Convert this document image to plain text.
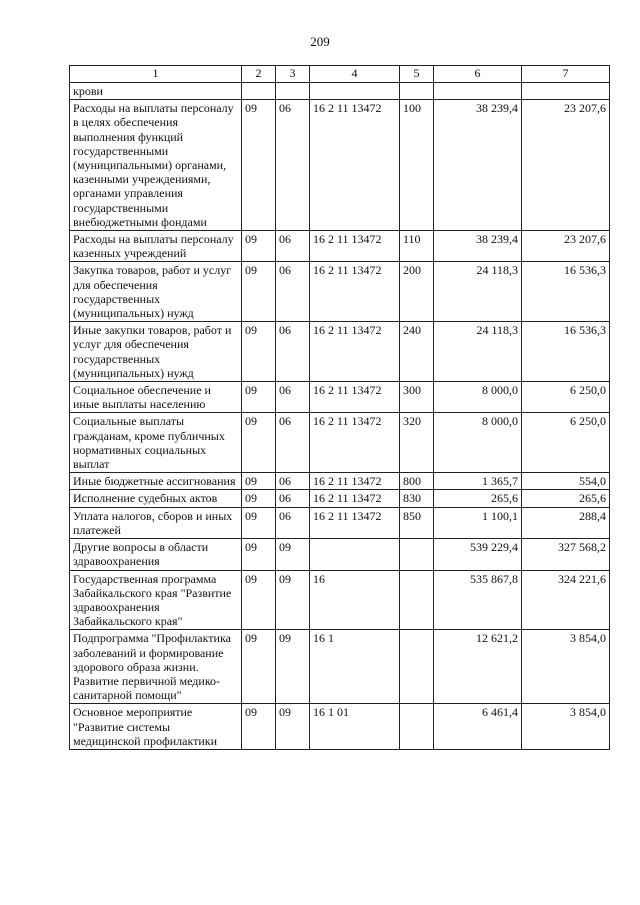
209
1	2	3	4	5	6	7
крови						
Расходы на выплаты персоналу в целях обеспечения выполнения функций государственными (муниципальными) органами, казенными учреждениями, органами управления государственными внебюджетными фондами	09	06	16 2 11 13472	100	38 239,4	23 207,6
Расходы на выплаты персоналу казенных учреждений	09	06	16 2 11 13472	110	38 239,4	23 207,6
Закупка товаров, работ и услуг для обеспечения государственных (муниципальных) нужд	09	06	16 2 11 13472	200	24 118,3	16 536,3
Иные закупки товаров, работ и услуг для обеспечения государственных (муниципальных) нужд	09	06	16 2 11 13472	240	24 118,3	16 536,3
Социальное обеспечение и иные выплаты населению	09	06	16 2 11 13472	300	8 000,0	6 250,0
Социальные выплаты гражданам, кроме публичных нормативных социальных выплат	09	06	16 2 11 13472	320	8 000,0	6 250,0
Иные бюджетные ассигнования	09	06	16 2 11 13472	800	1 365,7	554,0
Исполнение судебных актов	09	06	16 2 11 13472	830	265,6	265,6
Уплата налогов, сборов и иных платежей	09	06	16 2 11 13472	850	1 100,1	288,4
Другие вопросы в области здравоохранения	09	09			539 229,4	327 568,2
Государственная программа Забайкальского края "Развитие здравоохранения Забайкальского края"	09	09	16		535 867,8	324 221,6
Подпрограмма "Профилактика заболеваний и формирование здорового образа жизни. Развитие первичной медико-санитарной помощи"	09	09	16 1		12 621,2	3 854,0
Основное мероприятие "Развитие системы медицинской профилактики	09	09	16 1 01		6 461,4	3 854,0
